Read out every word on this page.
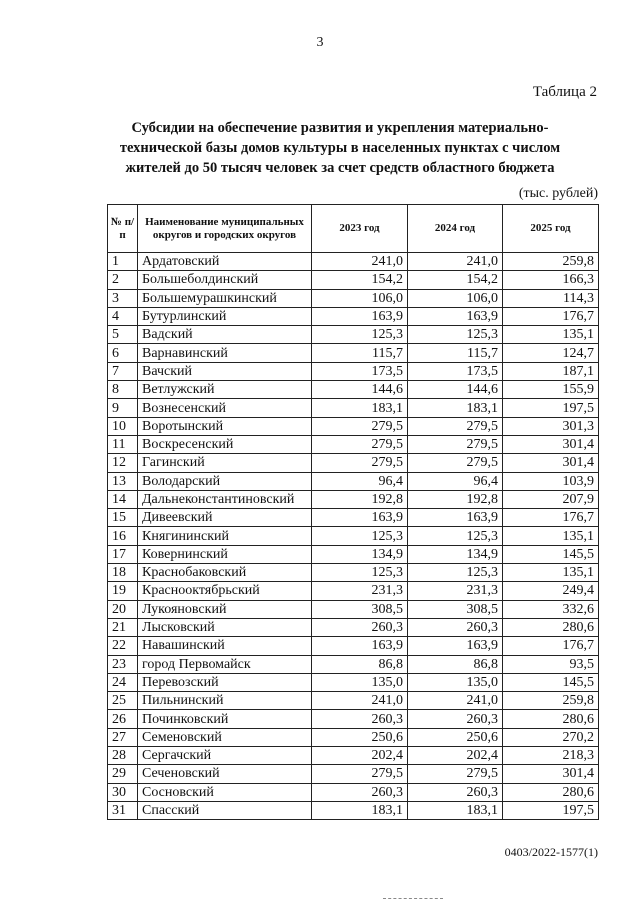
3
Таблица 2
Субсидии на обеспечение развития и укрепления материально-
технической базы домов культуры в населенных пунктах с числом
жителей до 50 тысяч человек за счет средств областного бюджета
(тыс. рублей)
№ п/п	Наименование муниципальных округов и городских округов	2023 год	2024 год	2025 год
1	Ардатовский	241,0	241,0	259,8
2	Большеболдинский	154,2	154,2	166,3
3	Большемурашкинский	106,0	106,0	114,3
4	Бутурлинский	163,9	163,9	176,7
5	Вадский	125,3	125,3	135,1
6	Варнавинский	115,7	115,7	124,7
7	Вачский	173,5	173,5	187,1
8	Ветлужский	144,6	144,6	155,9
9	Вознесенский	183,1	183,1	197,5
10	Воротынский	279,5	279,5	301,3
11	Воскресенский	279,5	279,5	301,4
12	Гагинский	279,5	279,5	301,4
13	Володарский	96,4	96,4	103,9
14	Дальнеконстантиновский	192,8	192,8	207,9
15	Дивеевский	163,9	163,9	176,7
16	Княгининский	125,3	125,3	135,1
17	Ковернинский	134,9	134,9	145,5
18	Краснобаковский	125,3	125,3	135,1
19	Краснооктябрьский	231,3	231,3	249,4
20	Лукояновский	308,5	308,5	332,6
21	Лысковский	260,3	260,3	280,6
22	Навашинский	163,9	163,9	176,7
23	город Первомайск	86,8	86,8	93,5
24	Перевозский	135,0	135,0	145,5
25	Пильнинский	241,0	241,0	259,8
26	Починковский	260,3	260,3	280,6
27	Семеновский	250,6	250,6	270,2
28	Сергачский	202,4	202,4	218,3
29	Сеченовский	279,5	279,5	301,4
30	Сосновский	260,3	260,3	280,6
31	Спасский	183,1	183,1	197,5
0403/2022-1577(1)
